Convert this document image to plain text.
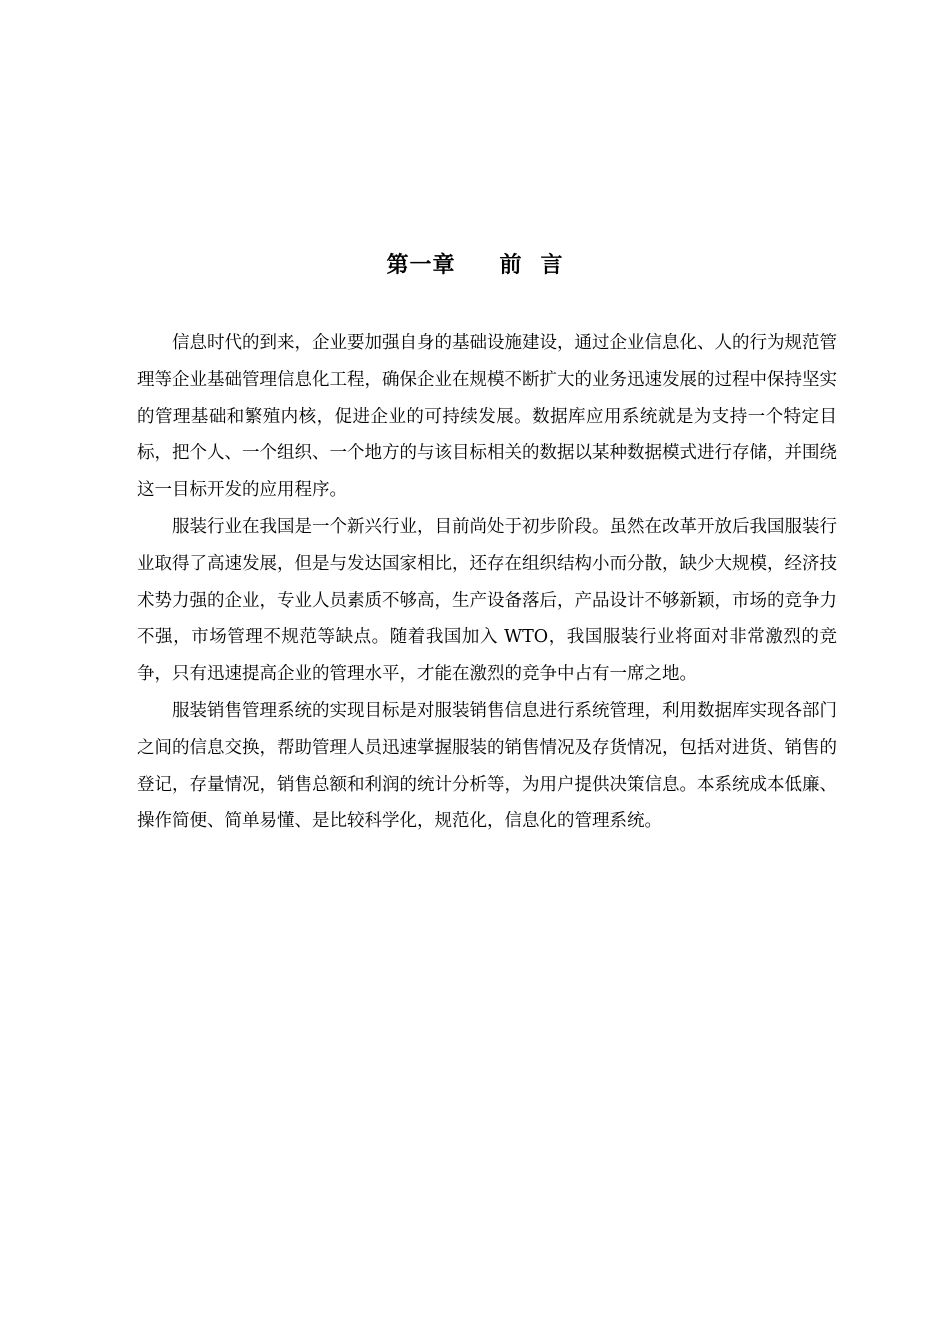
第一章 前 言

信息时代的到来，企业要加强自身的基础设施建设，通过企业信息化、人的行为规范管理等企业基础管理信息化工程，确保企业在规模不断扩大的业务迅速发展的过程中保持坚实的管理基础和繁殖内核，促进企业的可持续发展。数据库应用系统就是为支持一个特定目标，把个人、一个组织、一个地方的与该目标相关的数据以某种数据模式进行存储，并围绕这一目标开发的应用程序。

服装行业在我国是一个新兴行业，目前尚处于初步阶段。虽然在改革开放后我国服装行业取得了高速发展，但是与发达国家相比，还存在组织结构小而分散，缺少大规模，经济技术势力强的企业，专业人员素质不够高，生产设备落后，产品设计不够新颖，市场的竞争力不强，市场管理不规范等缺点。随着我国加入 WTO，我国服装行业将面对非常激烈的竞争，只有迅速提高企业的管理水平，才能在激烈的竞争中占有一席之地。

服装销售管理系统的实现目标是对服装销售信息进行系统管理，利用数据库实现各部门之间的信息交换，帮助管理人员迅速掌握服装的销售情况及存货情况，包括对进货、销售的登记，存量情况，销售总额和利润的统计分析等，为用户提供决策信息。本系统成本低廉、操作简便、简单易懂、是比较科学化，规范化，信息化的管理系统。
